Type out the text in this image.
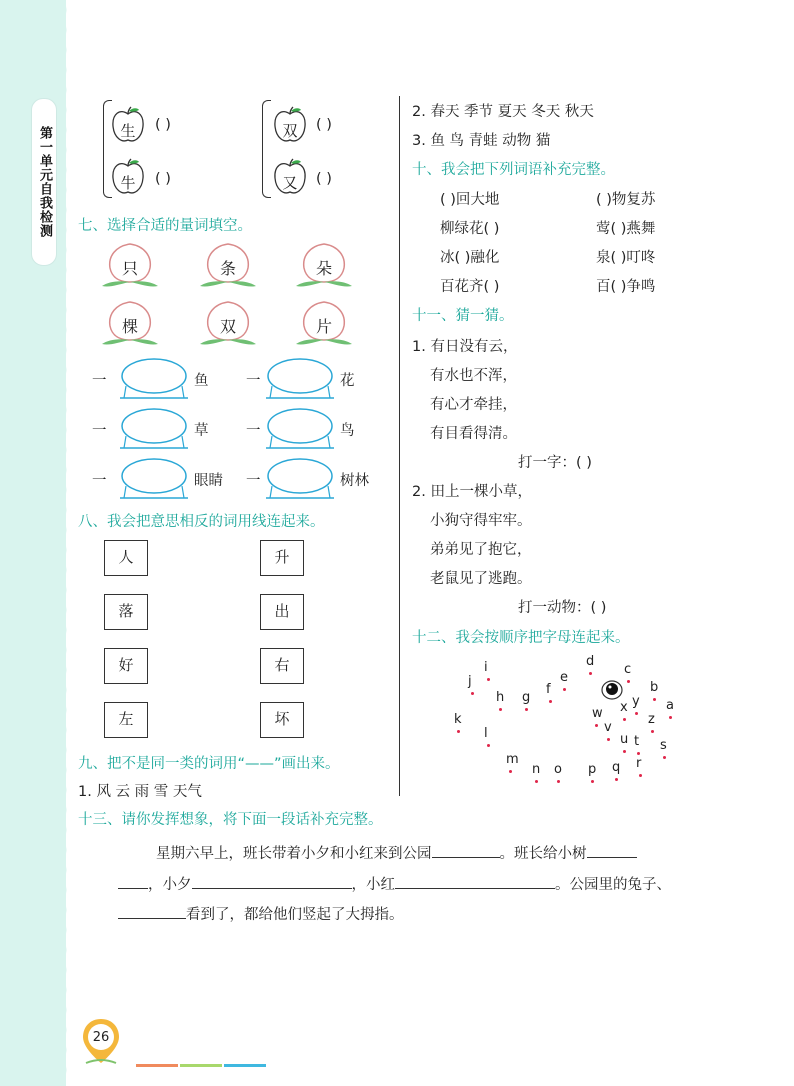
第一单元自我检测	生	( )
牛	( )
双	( )
又	( )
七、选择合适的量词填空。
只	条	朵
棵	双	片
一	鱼	一	花
一	草	一	鸟
一	眼睛 一	树林
八、我会把意思相反的词用线连起来。
人
落
好
左
升
出
右
坏
九、把不是同一类的词用“——”画出来。
1. 风 云 雨 雪 天气
2. 春天 季节 夏天 冬天 秋天
3. 鱼 鸟 青蛙 动物 猫
十、我会把下列词语补充完整。
( )回大地	( )物复苏
柳绿花( )	莺( )燕舞
冰( )融化	泉( )叮咚
百花齐( )	百( )争鸣
十一、猜一猜。
1. 有日没有云，
有水也不浑，
有心才牵挂，
有目看得清。
打一字：( )
2. 田上一棵小草，
小狗守得牢牢。
弟弟见了抱它，
老鼠见了逃跑。
打一动物：( )
十二、我会按顺序把字母连起来。
a
b
c
d
e
f
g
h
i
j
k
l
m
n o p q r
s
t
u
v
w x y
z
十三、请你发挥想象，将下面一段话补充完整。
星期六早上，班长带着小夕和小红来到公园	。班长给小树
，小夕	，小红	。公园里的兔子、
看到了，都给他们竖起了大拇指。
26
